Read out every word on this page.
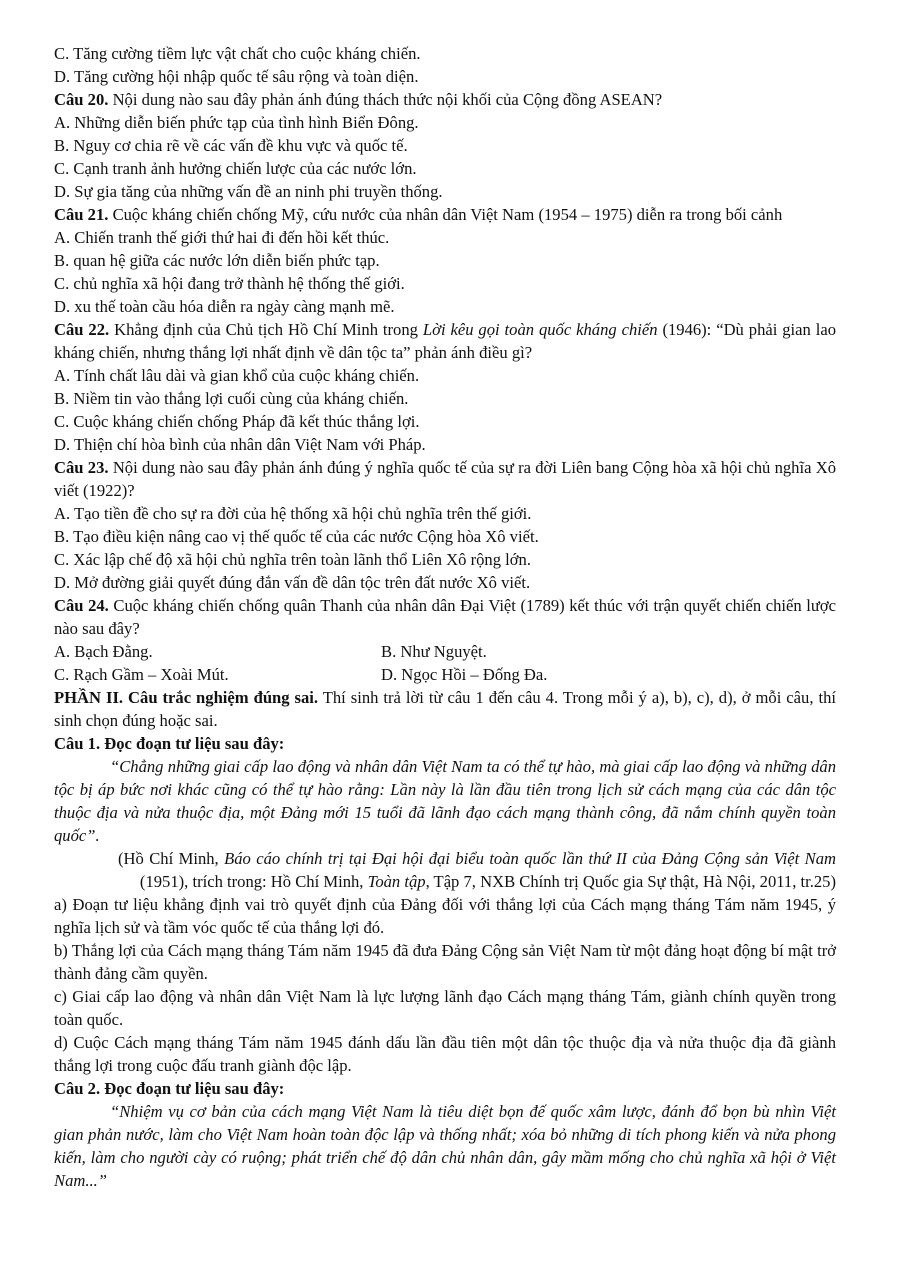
C. Tăng cường tiềm lực vật chất cho cuộc kháng chiến.
D. Tăng cường hội nhập quốc tế sâu rộng và toàn diện.
Câu 20. Nội dung nào sau đây phản ánh đúng thách thức nội khối của Cộng đồng ASEAN?
A. Những diễn biến phức tạp của tình hình Biển Đông.
B. Nguy cơ chia rẽ về các vấn đề khu vực và quốc tế.
C. Cạnh tranh ảnh hưởng chiến lược của các nước lớn.
D. Sự gia tăng của những vấn đề an ninh phi truyền thống.
Câu 21. Cuộc kháng chiến chống Mỹ, cứu nước của nhân dân Việt Nam (1954 – 1975) diễn ra trong bối cảnh
A. Chiến tranh thế giới thứ hai đi đến hồi kết thúc.
B. quan hệ giữa các nước lớn diễn biến phức tạp.
C. chủ nghĩa xã hội đang trở thành hệ thống thế giới.
D. xu thế toàn cầu hóa diễn ra ngày càng mạnh mẽ.
Câu 22. Khẳng định của Chủ tịch Hồ Chí Minh trong Lời kêu gọi toàn quốc kháng chiến (1946): “Dù phải gian lao kháng chiến, nhưng thắng lợi nhất định về dân tộc ta” phản ánh điều gì?
A. Tính chất lâu dài và gian khổ của cuộc kháng chiến.
B. Niềm tin vào thắng lợi cuối cùng của kháng chiến.
C. Cuộc kháng chiến chống Pháp đã kết thúc thắng lợi.
D. Thiện chí hòa bình của nhân dân Việt Nam với Pháp.
Câu 23. Nội dung nào sau đây phản ánh đúng ý nghĩa quốc tế của sự ra đời Liên bang Cộng hòa xã hội chủ nghĩa Xô viết (1922)?
A. Tạo tiền đề cho sự ra đời của hệ thống xã hội chủ nghĩa trên thế giới.
B. Tạo điều kiện nâng cao vị thế quốc tế của các nước Cộng hòa Xô viết.
C. Xác lập chế độ xã hội chủ nghĩa trên toàn lãnh thổ Liên Xô rộng lớn.
D. Mở đường giải quyết đúng đắn vấn đề dân tộc trên đất nước Xô viết.
Câu 24. Cuộc kháng chiến chống quân Thanh của nhân dân Đại Việt (1789) kết thúc với trận quyết chiến chiến lược nào sau đây?
A. Bạch Đằng.	B. Như Nguyệt.
C. Rạch Gầm – Xoài Mút.	D. Ngọc Hồi – Đống Đa.
PHẦN II. Câu trắc nghiệm đúng sai. Thí sinh trả lời từ câu 1 đến câu 4. Trong mỗi ý a), b), c), d), ở mỗi câu, thí sinh chọn đúng hoặc sai.
Câu 1. Đọc đoạn tư liệu sau đây:
“Chẳng những giai cấp lao động và nhân dân Việt Nam ta có thể tự hào, mà giai cấp lao động và những dân tộc bị áp bức nơi khác cũng có thể tự hào rằng: Lần này là lần đầu tiên trong lịch sử cách mạng của các dân tộc thuộc địa và nửa thuộc địa, một Đảng mới 15 tuổi đã lãnh đạo cách mạng thành công, đã nắm chính quyền toàn quốc”.
(Hồ Chí Minh, Báo cáo chính trị tại Đại hội đại biểu toàn quốc lần thứ II của Đảng Cộng sản Việt Nam (1951), trích trong: Hồ Chí Minh, Toàn tập, Tập 7, NXB Chính trị Quốc gia Sự thật, Hà Nội, 2011, tr.25)
a) Đoạn tư liệu khẳng định vai trò quyết định của Đảng đối với thắng lợi của Cách mạng tháng Tám năm 1945, ý nghĩa lịch sử và tầm vóc quốc tế của thắng lợi đó.
b) Thắng lợi của Cách mạng tháng Tám năm 1945 đã đưa Đảng Cộng sản Việt Nam từ một đảng hoạt động bí mật trở thành đảng cầm quyền.
c) Giai cấp lao động và nhân dân Việt Nam là lực lượng lãnh đạo Cách mạng tháng Tám, giành chính quyền trong toàn quốc.
d) Cuộc Cách mạng tháng Tám năm 1945 đánh dấu lần đầu tiên một dân tộc thuộc địa và nửa thuộc địa đã giành thắng lợi trong cuộc đấu tranh giành độc lập.
Câu 2. Đọc đoạn tư liệu sau đây:
“Nhiệm vụ cơ bản của cách mạng Việt Nam là tiêu diệt bọn đế quốc xâm lược, đánh đổ bọn bù nhìn Việt gian phản nước, làm cho Việt Nam hoàn toàn độc lập và thống nhất; xóa bỏ những di tích phong kiến và nửa phong kiến, làm cho người cày có ruộng; phát triển chế độ dân chủ nhân dân, gây mầm mống cho chủ nghĩa xã hội ở Việt Nam...”
